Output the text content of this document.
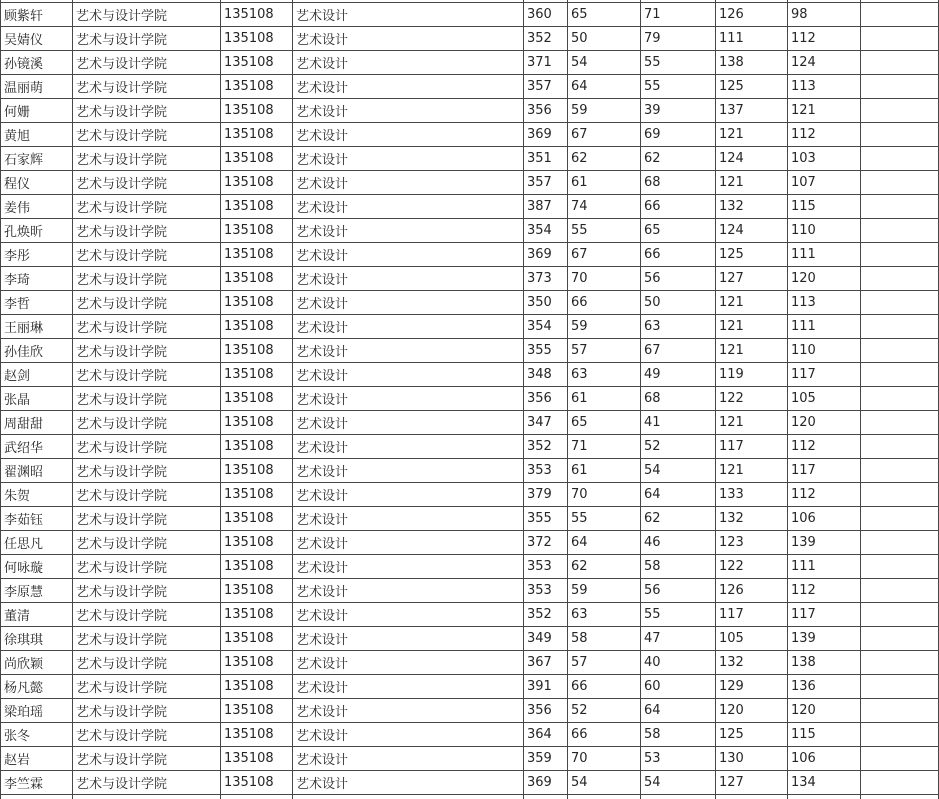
顾紫轩	艺术与设计学院	135108	艺术设计	360	65	71	126	98	
吴婧仪	艺术与设计学院	135108	艺术设计	352	50	79	111	112	
孙镜溪	艺术与设计学院	135108	艺术设计	371	54	55	138	124	
温丽萌	艺术与设计学院	135108	艺术设计	357	64	55	125	113	
何姗	艺术与设计学院	135108	艺术设计	356	59	39	137	121	
黄旭	艺术与设计学院	135108	艺术设计	369	67	69	121	112	
石家辉	艺术与设计学院	135108	艺术设计	351	62	62	124	103	
程仪	艺术与设计学院	135108	艺术设计	357	61	68	121	107	
姜伟	艺术与设计学院	135108	艺术设计	387	74	66	132	115	
孔焕昕	艺术与设计学院	135108	艺术设计	354	55	65	124	110	
李彤	艺术与设计学院	135108	艺术设计	369	67	66	125	111	
李琦	艺术与设计学院	135108	艺术设计	373	70	56	127	120	
李哲	艺术与设计学院	135108	艺术设计	350	66	50	121	113	
王丽琳	艺术与设计学院	135108	艺术设计	354	59	63	121	111	
孙佳欣	艺术与设计学院	135108	艺术设计	355	57	67	121	110	
赵剑	艺术与设计学院	135108	艺术设计	348	63	49	119	117	
张晶	艺术与设计学院	135108	艺术设计	356	61	68	122	105	
周甜甜	艺术与设计学院	135108	艺术设计	347	65	41	121	120	
武绍华	艺术与设计学院	135108	艺术设计	352	71	52	117	112	
翟渊昭	艺术与设计学院	135108	艺术设计	353	61	54	121	117	
朱贺	艺术与设计学院	135108	艺术设计	379	70	64	133	112	
李茹钰	艺术与设计学院	135108	艺术设计	355	55	62	132	106	
任思凡	艺术与设计学院	135108	艺术设计	372	64	46	123	139	
何咏璇	艺术与设计学院	135108	艺术设计	353	62	58	122	111	
李原慧	艺术与设计学院	135108	艺术设计	353	59	56	126	112	
董清	艺术与设计学院	135108	艺术设计	352	63	55	117	117	
徐琪琪	艺术与设计学院	135108	艺术设计	349	58	47	105	139	
尚欣颖	艺术与设计学院	135108	艺术设计	367	57	40	132	138	
杨凡懿	艺术与设计学院	135108	艺术设计	391	66	60	129	136	
梁珀瑶	艺术与设计学院	135108	艺术设计	356	52	64	120	120	
张冬	艺术与设计学院	135108	艺术设计	364	66	58	125	115	
赵岩	艺术与设计学院	135108	艺术设计	359	70	53	130	106	
李竺霖	艺术与设计学院	135108	艺术设计	369	54	54	127	134	
